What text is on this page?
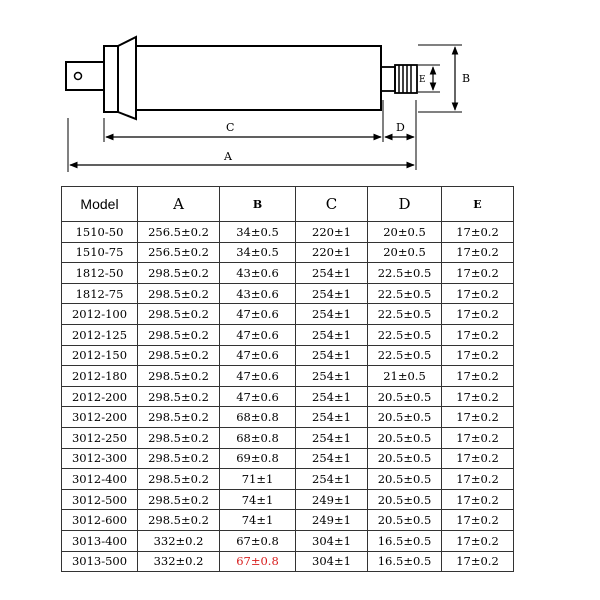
C	D
A
B
E
Model	A	B	C	D	E
1510-50	256.5±0.2	34±0.5	220±1	20±0.5	17±0.2
1510-75	256.5±0.2	34±0.5	220±1	20±0.5	17±0.2
1812-50	298.5±0.2	43±0.6	254±1	22.5±0.5	17±0.2
1812-75	298.5±0.2	43±0.6	254±1	22.5±0.5	17±0.2
2012-100	298.5±0.2	47±0.6	254±1	22.5±0.5	17±0.2
2012-125	298.5±0.2	47±0.6	254±1	22.5±0.5	17±0.2
2012-150	298.5±0.2	47±0.6	254±1	22.5±0.5	17±0.2
2012-180	298.5±0.2	47±0.6	254±1	21±0.5	17±0.2
2012-200	298.5±0.2	47±0.6	254±1	20.5±0.5	17±0.2
3012-200	298.5±0.2	68±0.8	254±1	20.5±0.5	17±0.2
3012-250	298.5±0.2	68±0.8	254±1	20.5±0.5	17±0.2
3012-300	298.5±0.2	69±0.8	254±1	20.5±0.5	17±0.2
3012-400	298.5±0.2	71±1	254±1	20.5±0.5	17±0.2
3012-500	298.5±0.2	74±1	249±1	20.5±0.5	17±0.2
3012-600	298.5±0.2	74±1	249±1	20.5±0.5	17±0.2
3013-400	332±0.2	67±0.8	304±1	16.5±0.5	17±0.2
3013-500	332±0.2	67±0.8	304±1	16.5±0.5	17±0.2
